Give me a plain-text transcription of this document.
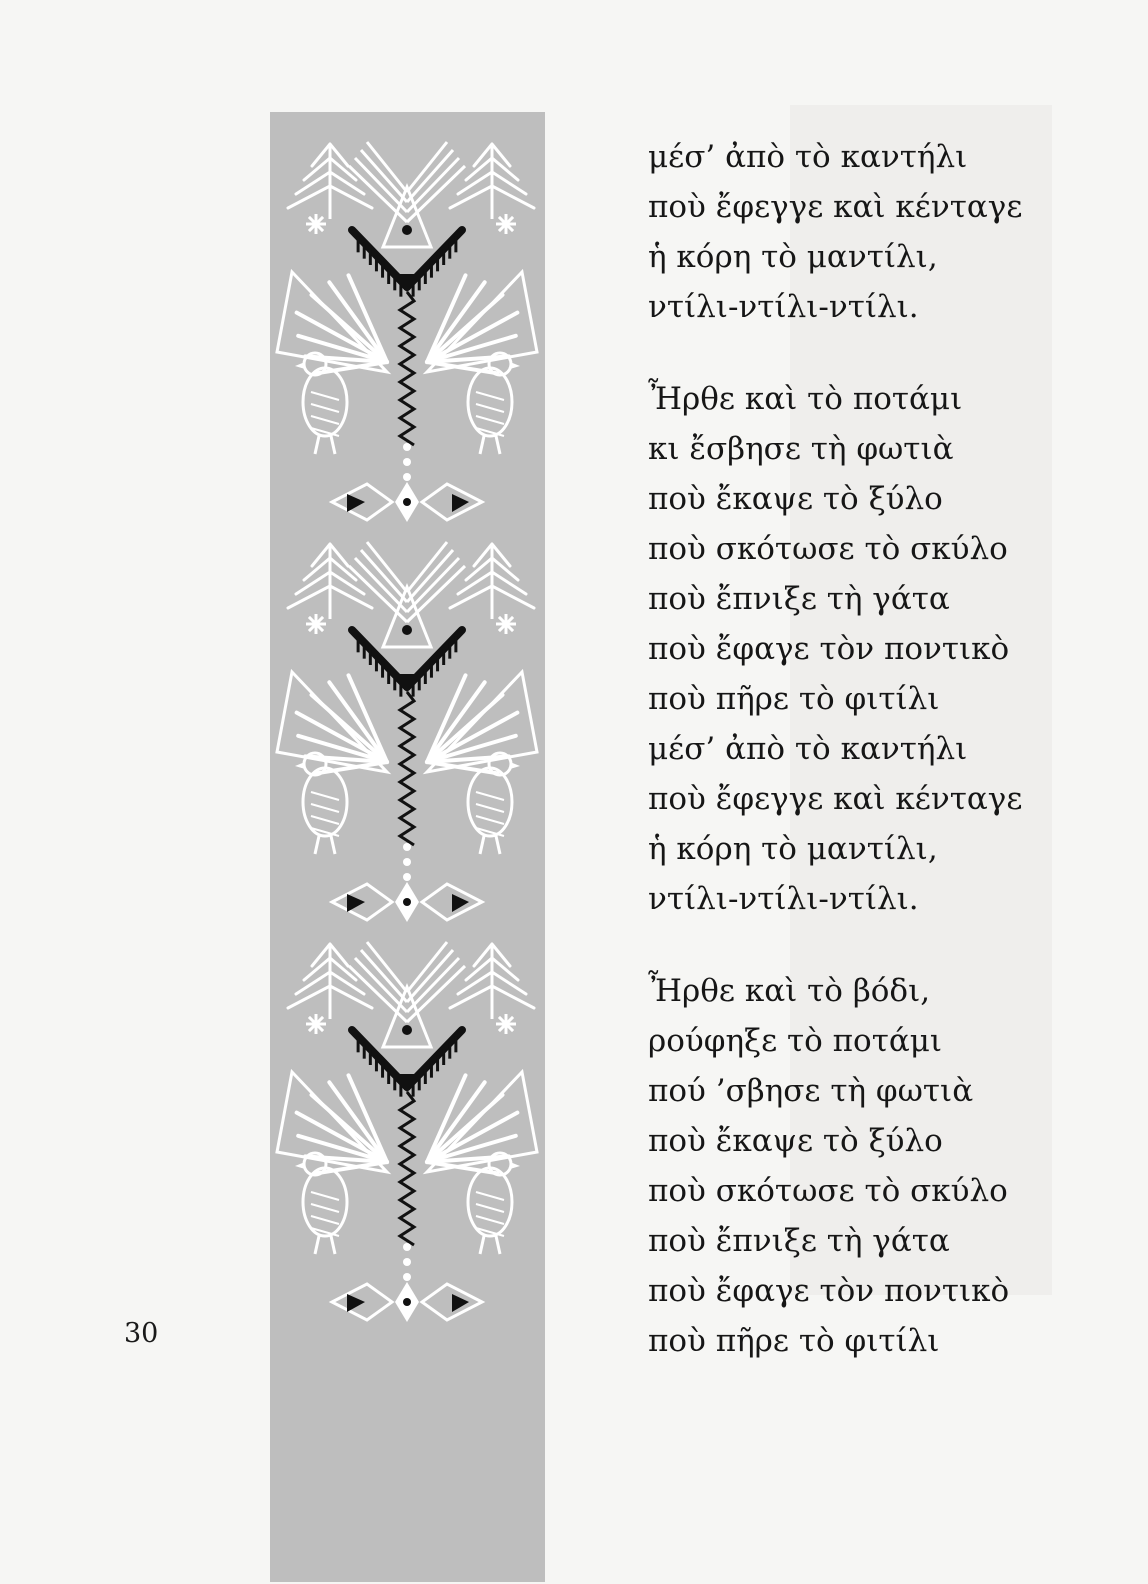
μέσ’ ἀπὸ τὸ καντήλι
ποὺ ἔφεγγε καὶ κένταγε
ἡ κόρη τὸ μαντίλι,
ντίλι-ντίλι-ντίλι.
Ἦρθε καὶ τὸ ποτάμι
κι ἔσβησε τὴ φωτιὰ
ποὺ ἔκαψε τὸ ξύλο
ποὺ σκότωσε τὸ σκύλο
ποὺ ἔπνιξε τὴ γάτα
ποὺ ἔφαγε τὸν ποντικὸ
ποὺ πῆρε τὸ φιτίλι
μέσ’ ἀπὸ τὸ καντήλι
ποὺ ἔφεγγε καὶ κένταγε
ἡ κόρη τὸ μαντίλι,
ντίλι-ντίλι-ντίλι.
Ἦρθε καὶ τὸ βόδι,
ρούφηξε τὸ ποτάμι
πού ’σβησε τὴ φωτιὰ
ποὺ ἔκαψε τὸ ξύλο
ποὺ σκότωσε τὸ σκύλο
ποὺ ἔπνιξε τὴ γάτα
ποὺ ἔφαγε τὸν ποντικὸ
ποὺ πῆρε τὸ φιτίλι
30
